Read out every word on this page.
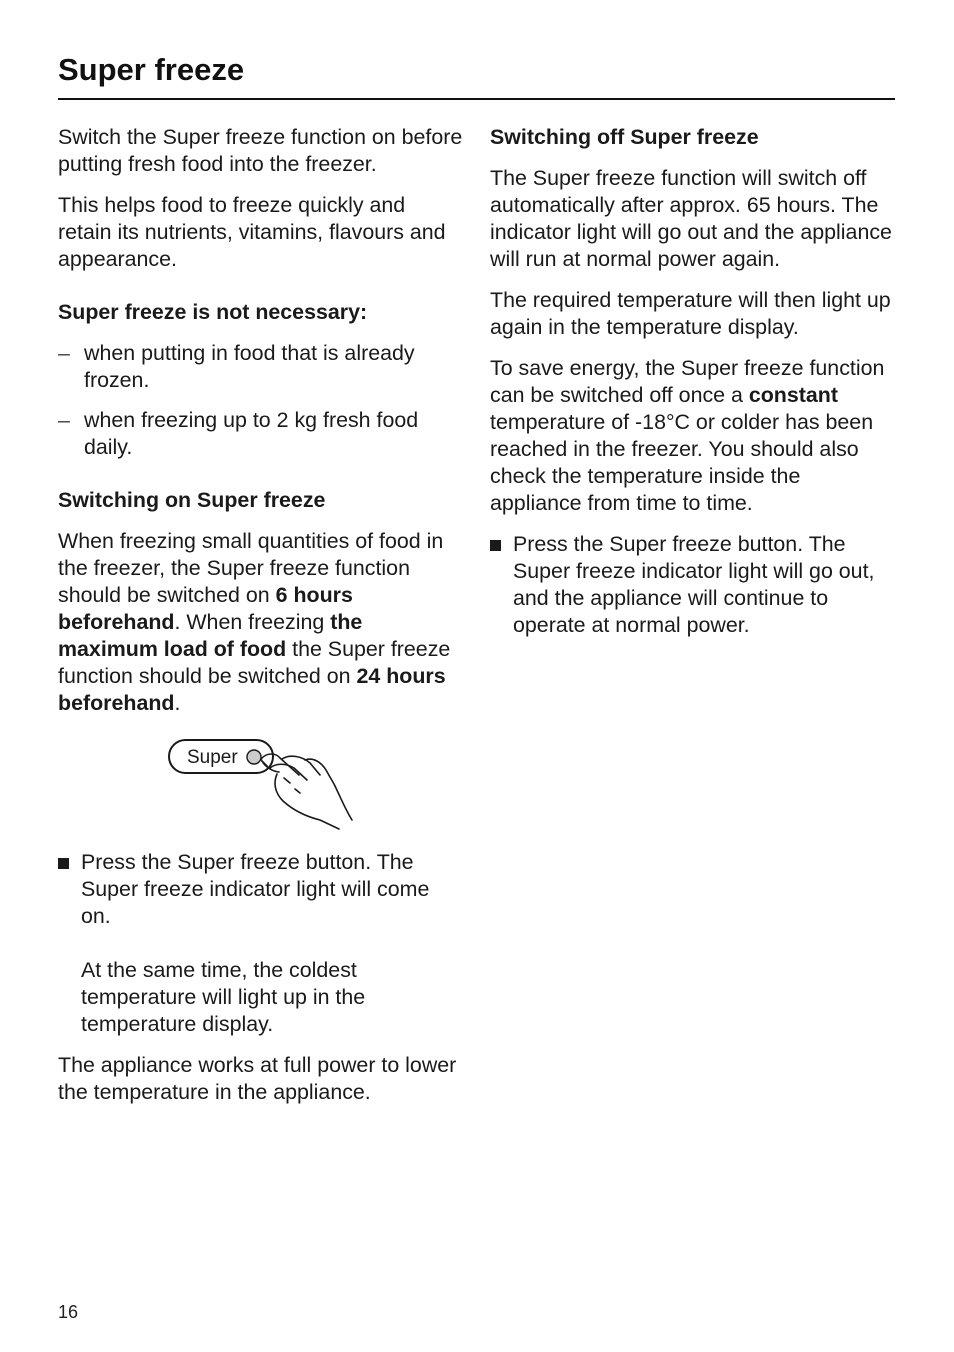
Super freeze

Switch the Super freeze function on before putting fresh food into the freezer.

This helps food to freeze quickly and retain its nutrients, vitamins, flavours and appearance.

Super freeze is not necessary:

– when putting in food that is already frozen.
– when freezing up to 2 kg fresh food daily.

Switching on Super freeze

When freezing small quantities of food in the freezer, the Super freeze function should be switched on 6 hours beforehand. When freezing the maximum load of food the Super freeze function should be switched on 24 hours beforehand.

Super
Press the Super freeze button. The Super freeze indicator light will come on.
At the same time, the coldest temperature will light up in the temperature display.

The appliance works at full power to lower the temperature in the appliance.

Switching off Super freeze

The Super freeze function will switch off automatically after approx. 65 hours. The indicator light will go out and the appliance will run at normal power again.

The required temperature will then light up again in the temperature display.

To save energy, the Super freeze function can be switched off once a constant temperature of -18°C or colder has been reached in the freezer. You should also check the temperature inside the appliance from time to time.

Press the Super freeze button. The Super freeze indicator light will go out, and the appliance will continue to operate at normal power.
16
